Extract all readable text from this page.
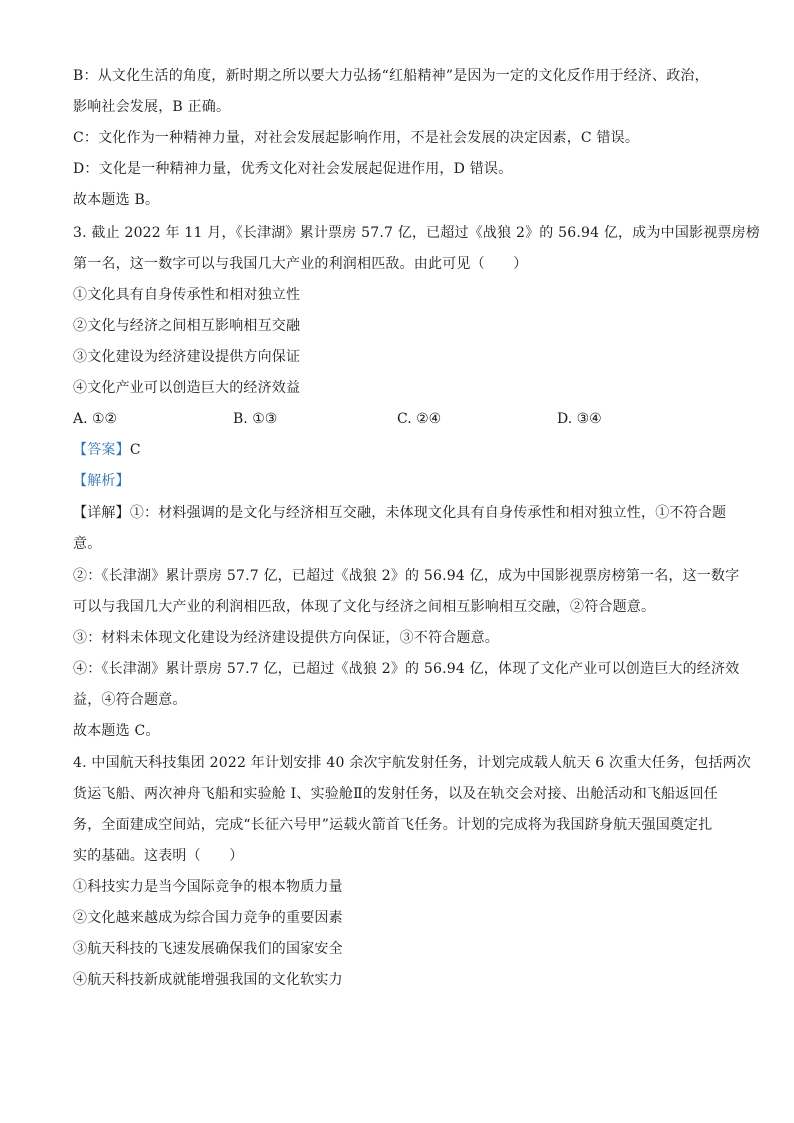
B：从文化生活的角度，新时期之所以要大力弘扬“红船精神”是因为一定的文化反作用于经济、政治，
影响社会发展，B 正确。
C：文化作为一种精神力量，对社会发展起影响作用，不是社会发展的决定因素，C 错误。
D：文化是一种精神力量，优秀文化对社会发展起促进作用，D 错误。
故本题选 B。
3. 截止 2022 年 11 月，《长津湖》累计票房 57.7 亿，已超过《战狼 2》的 56.94 亿，成为中国影视票房榜
第一名，这一数字可以与我国几大产业的利润相匹敌。由此可见（　　）
①文化具有自身传承性和相对独立性
②文化与经济之间相互影响相互交融
③文化建设为经济建设提供方向保证
④文化产业可以创造巨大的经济效益
A. ①②	B. ①③	C. ②④	D. ③④
【答案】C
【解析】
【详解】①：材料强调的是文化与经济相互交融，未体现文化具有自身传承性和相对独立性，①不符合题
意。
②：《长津湖》累计票房 57.7 亿，已超过《战狼 2》的 56.94 亿，成为中国影视票房榜第一名，这一数字
可以与我国几大产业的利润相匹敌，体现了文化与经济之间相互影响相互交融，②符合题意。
③：材料未体现文化建设为经济建设提供方向保证，③不符合题意。
④：《长津湖》累计票房 57.7 亿，已超过《战狼 2》的 56.94 亿，体现了文化产业可以创造巨大的经济效
益，④符合题意。
故本题选 C。
4. 中国航天科技集团 2022 年计划安排 40 余次宇航发射任务，计划完成载人航天 6 次重大任务，包括两次
货运飞船、两次神舟飞船和实验舱 I、实验舱Ⅱ的发射任务，以及在轨交会对接、出舱活动和飞船返回任
务，全面建成空间站，完成“长征六号甲”运载火箭首飞任务。计划的完成将为我国跻身航天强国奠定扎
实的基础。这表明（　　）
①科技实力是当今国际竞争的根本物质力量
②文化越来越成为综合国力竞争的重要因素
③航天科技的飞速发展确保我们的国家安全
④航天科技新成就能增强我国的文化软实力
